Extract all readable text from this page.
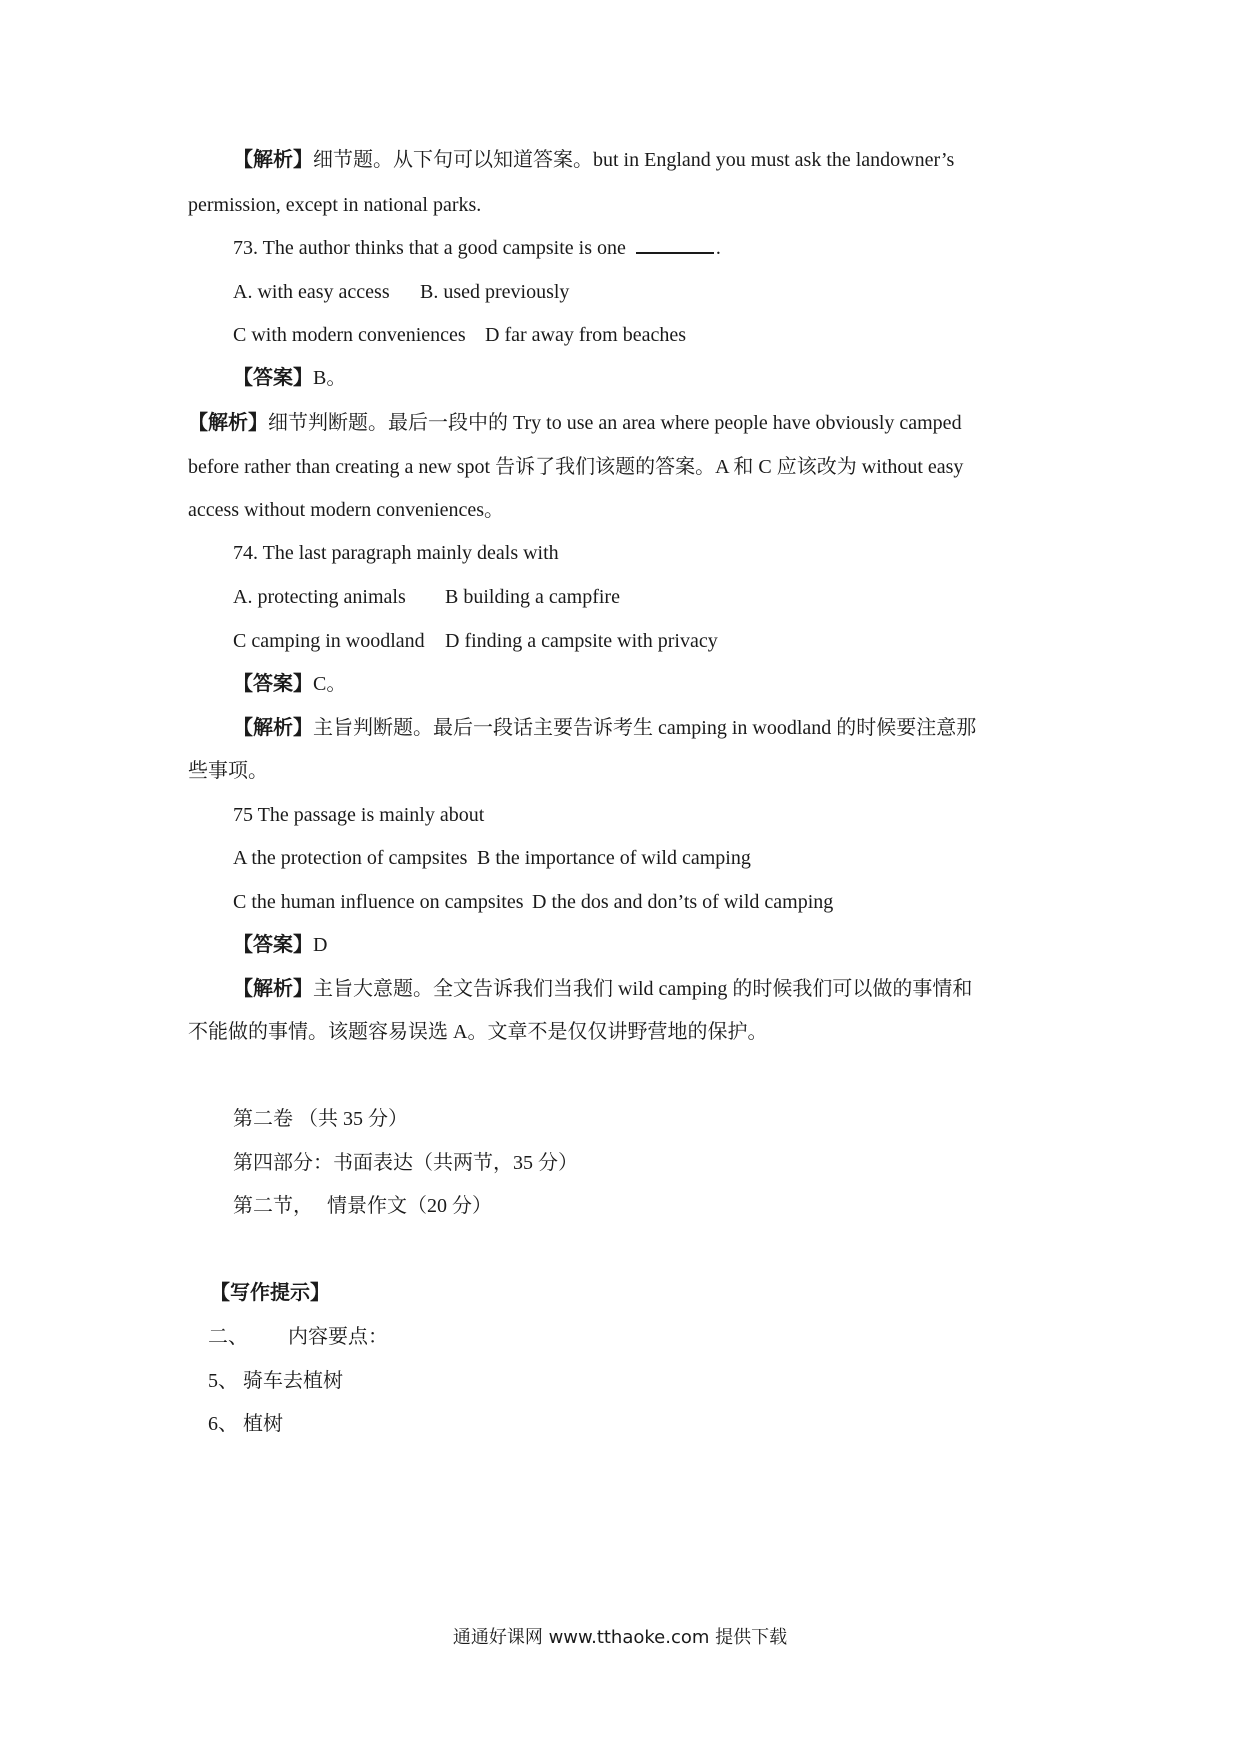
【解析】细节题。从下句可以知道答案。but in England you must ask the landowner’s
permission, except in national parks.
73. The author thinks that a good campsite is one	.
A. with easy access B. used previously
C with modern conveniences D far away from beaches
【答案】B。
【解析】细节判断题。最后一段中的 Try to use an area where people have obviously camped
before rather than creating a new spot 告诉了我们该题的答案。A 和 C 应该改为 without easy
access without modern conveniences。
74. The last paragraph mainly deals with
A. protecting animals B building a campfire
C camping in woodland D finding a campsite with privacy
【答案】C。
【解析】主旨判断题。最后一段话主要告诉考生 camping in woodland 的时候要注意那
些事项。
75 The passage is mainly about
A the protection of campsites B the importance of wild camping
C the human influence on campsites D the dos and don’ts of wild camping
【答案】D
【解析】主旨大意题。全文告诉我们当我们 wild camping 的时候我们可以做的事情和
不能做的事情。该题容易误选 A。文章不是仅仅讲野营地的保护。
第二卷 （共 35 分）
第四部分：书面表达（共两节，35 分）
第二节， 情景作文（20 分）
【写作提示】
二、 内容要点：
5、 骑车去植树
6、 植树
通通好课网 www.tthaoke.com 提供下载
